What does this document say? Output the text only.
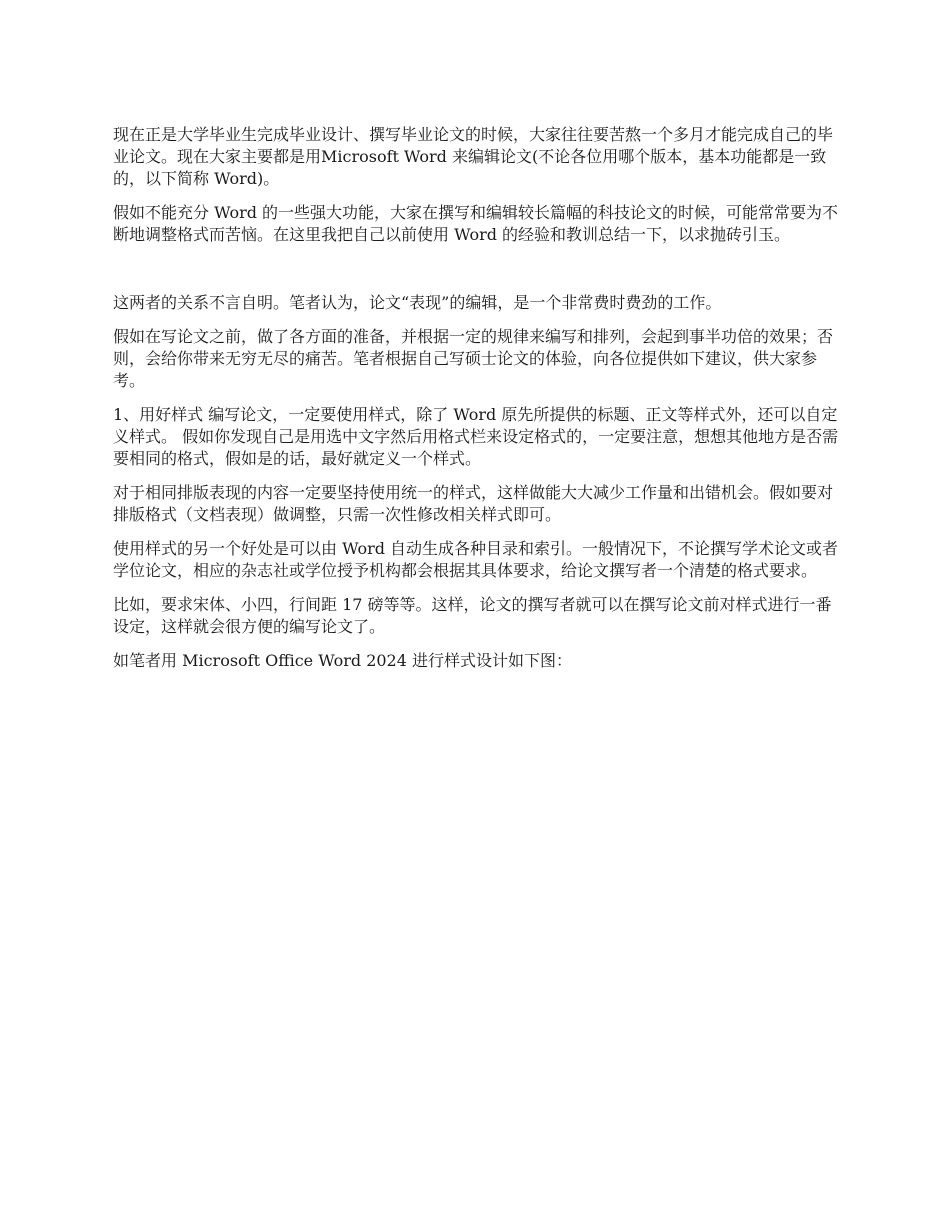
现在正是大学毕业生完成毕业设计、撰写毕业论文的时候，大家往往要苦熬一个多月才能完成自己的毕业论文。现在大家主要都是用Microsoft Word 来编辑论文(不论各位用哪个版本，基本功能都是一致的，以下简称 Word)。

假如不能充分 Word 的一些强大功能，大家在撰写和编辑较长篇幅的科技论文的时候，可能常常要为不断地调整格式而苦恼。在这里我把自己以前使用 Word 的经验和教训总结一下，以求抛砖引玉。

这两者的关系不言自明。笔者认为，论文“表现”的编辑，是一个非常费时费劲的工作。

假如在写论文之前，做了各方面的准备，并根据一定的规律来编写和排列，会起到事半功倍的效果；否则，会给你带来无穷无尽的痛苦。笔者根据自己写硕士论文的体验，向各位提供如下建议，供大家参考。

1、用好样式 编写论文，一定要使用样式，除了 Word 原先所提供的标题、正文等样式外，还可以自定义样式。 假如你发现自己是用选中文字然后用格式栏来设定格式的，一定要注意，想想其他地方是否需要相同的格式，假如是的话，最好就定义一个样式。

对于相同排版表现的内容一定要坚持使用统一的样式，这样做能大大减少工作量和出错机会。假如要对排版格式（文档表现）做调整，只需一次性修改相关样式即可。

使用样式的另一个好处是可以由 Word 自动生成各种目录和索引。一般情况下，不论撰写学术论文或者学位论文，相应的杂志社或学位授予机构都会根据其具体要求，给论文撰写者一个清楚的格式要求。

比如，要求宋体、小四，行间距 17 磅等等。这样，论文的撰写者就可以在撰写论文前对样式进行一番设定，这样就会很方便的编写论文了。

如笔者用 Microsoft Office Word 2024 进行样式设计如下图：
